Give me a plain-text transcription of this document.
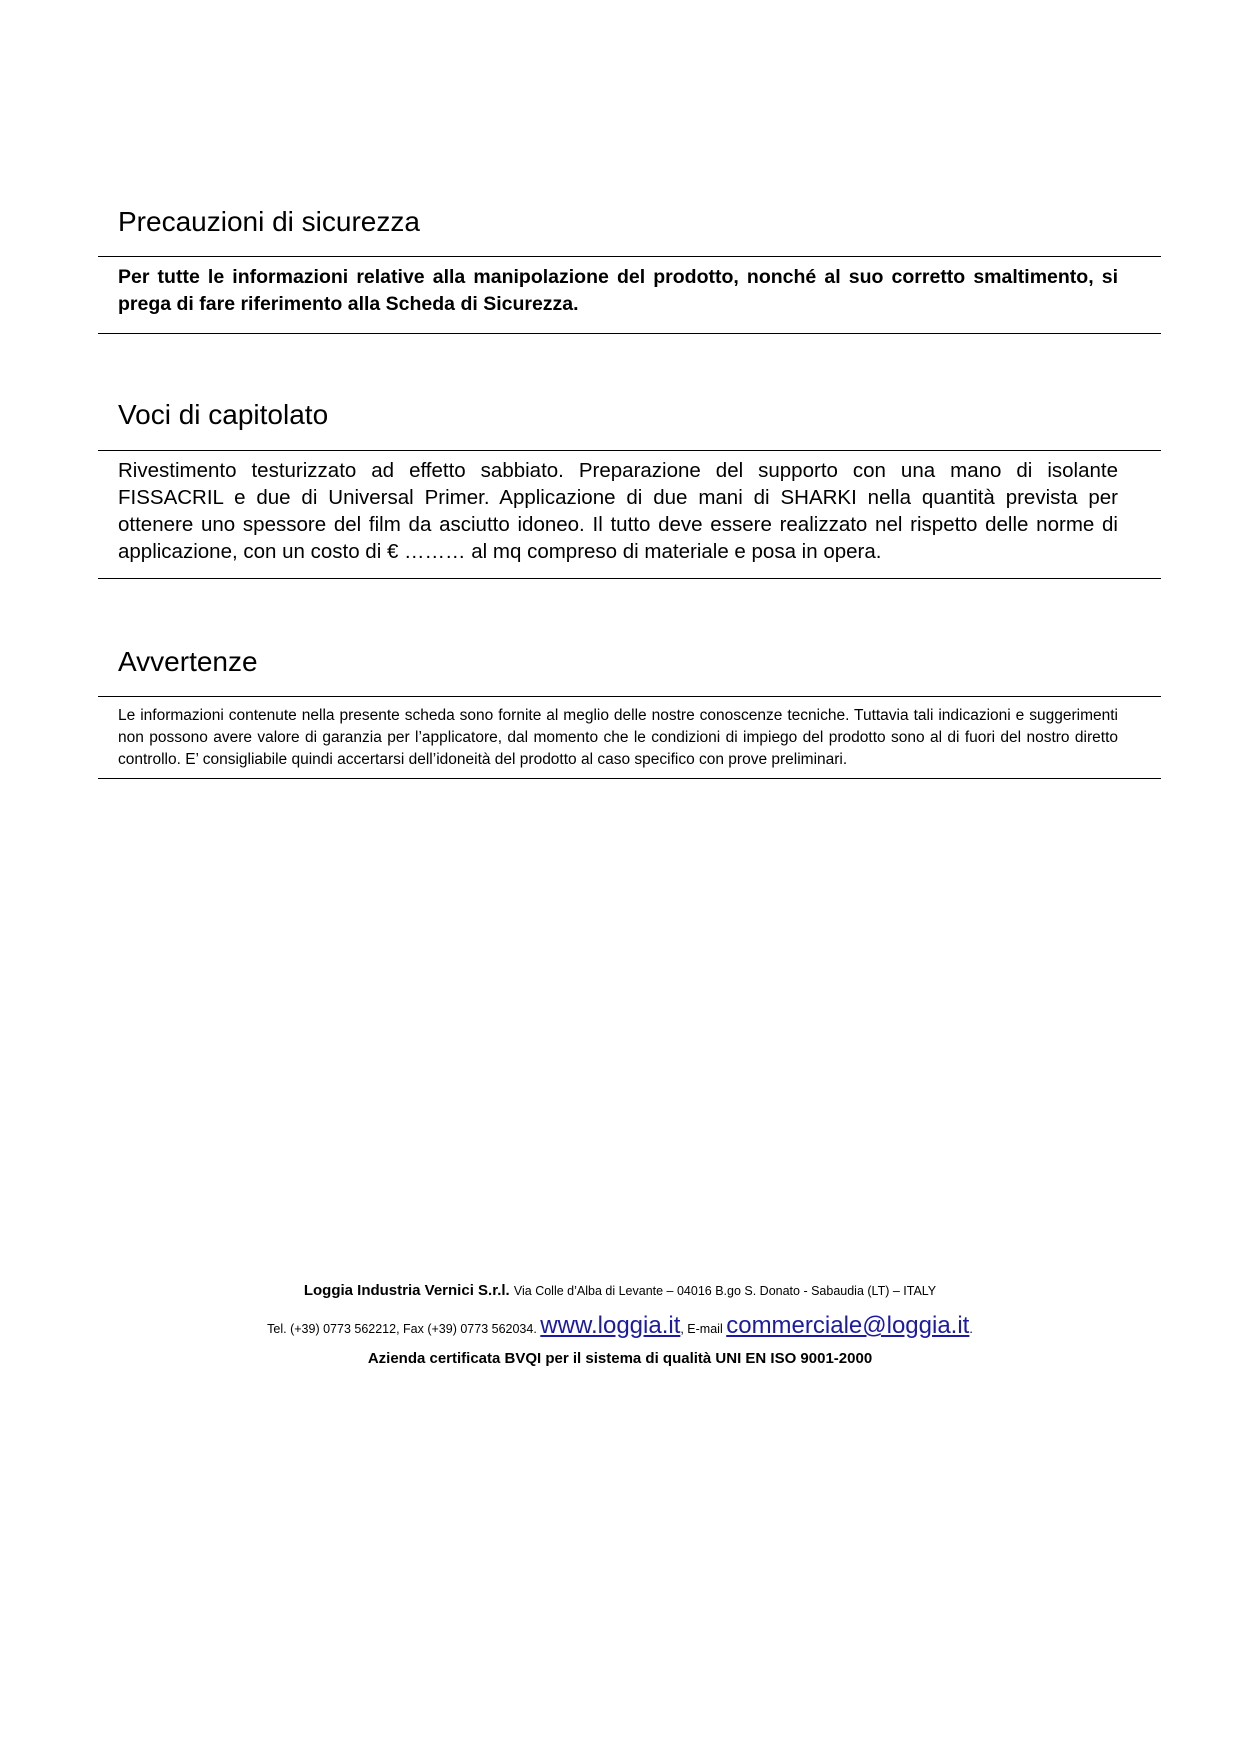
Precauzioni di sicurezza

Per tutte le informazioni relative alla manipolazione del prodotto, nonché al suo corretto smaltimento, si prega di fare riferimento alla Scheda di Sicurezza.

Voci di capitolato

Rivestimento testurizzato ad effetto sabbiato. Preparazione del supporto con una mano di isolante FISSACRIL e due di Universal Primer. Applicazione di due mani di SHARKI nella quantità prevista per ottenere uno spessore del film da asciutto idoneo. Il tutto deve essere realizzato nel rispetto delle norme di applicazione, con un costo di € ……… al mq compreso di materiale e posa in opera.

Avvertenze

Le informazioni contenute nella presente scheda sono fornite al meglio delle nostre conoscenze tecniche. Tuttavia tali indicazioni e suggerimenti non possono avere valore di garanzia per l’applicatore, dal momento che le condizioni di impiego del prodotto sono al di fuori del nostro diretto controllo. E’ consigliabile quindi accertarsi dell’idoneità del prodotto al caso specifico con prove preliminari.

Loggia Industria Vernici S.r.l. Via Colle d’Alba di Levante – 04016 B.go S. Donato - Sabaudia (LT) – ITALY

Tel. (+39) 0773 562212, Fax (+39) 0773 562034. www.loggia.it, E-mail commerciale@loggia.it.

Azienda certificata BVQI per il sistema di qualità UNI EN ISO 9001-2000
